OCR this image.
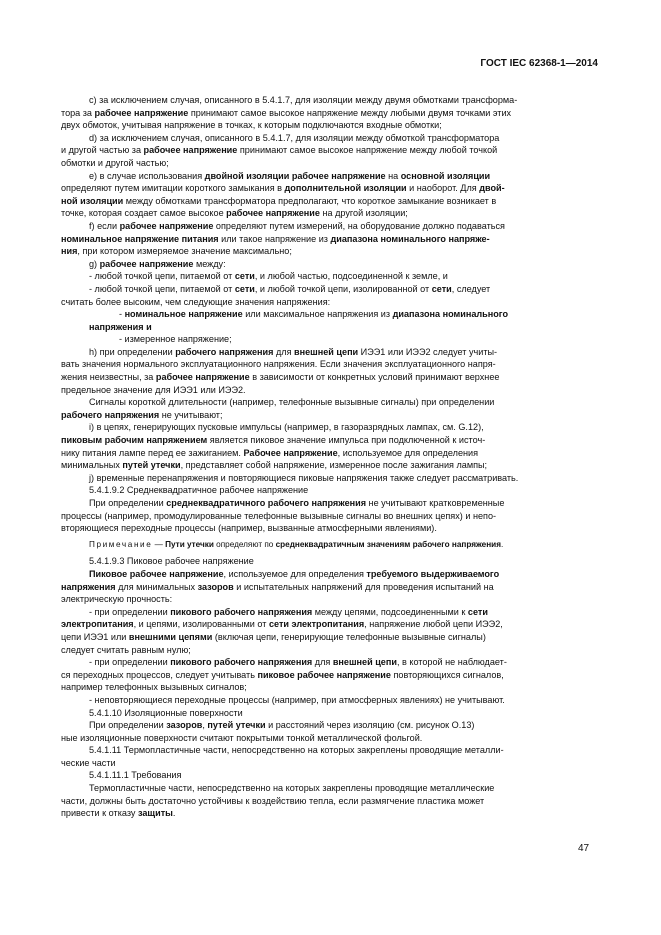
ГОСТ IEC 62368-1—2014

c) за исключением случая, описанного в 5.4.1.7, для изоляции между двумя обмотками трансформа-

тора за рабочее напряжение принимают самое высокое напряжение между любыми двумя точками этих

двух обмоток, учитывая напряжение в точках, к которым подключаются входные обмотки;

d) за исключением случая, описанного в 5.4.1.7, для изоляции между обмоткой трансформатора

и другой частью за рабочее напряжение принимают самое высокое напряжение между любой точкой

обмотки и другой частью;

e) в случае использования двойной изоляции рабочее напряжение на основной изоляции

определяют путем имитации короткого замыкания в дополнительной изоляции и наоборот. Для двой-

ной изоляции между обмотками трансформатора предполагают, что короткое замыкание возникает в

точке, которая создает самое высокое рабочее напряжение на другой изоляции;

f) если рабочее напряжение определяют путем измерений, на оборудование должно подаваться

номинальное напряжение питания или такое напряжение из диапазона номинального напряже-

ния, при котором измеряемое значение максимально;

g) рабочее напряжение между:

- любой точкой цепи, питаемой от сети, и любой частью, подсоединенной к земле, и

- любой точкой цепи, питаемой от сети, и любой точкой цепи, изолированной от сети, следует

считать более высоким, чем следующие значения напряжения:

- номинальное напряжение или максимальное напряжения из диапазона номинального

напряжения и

- измеренное напряжение;

h) при определении рабочего напряжения для внешней цепи ИЭЭ1 или ИЭЭ2 следует учиты-

вать значения нормального эксплуатационного напряжения. Если значения эксплуатационного напря-

жения неизвестны, за рабочее напряжение в зависимости от конкретных условий принимают верхнее

предельное значение для ИЭЭ1 или ИЭЭ2.

Сигналы короткой длительности (например, телефонные вызывные сигналы) при определении

рабочего напряжения не учитывают;

i) в цепях, генерирующих пусковые импульсы (например, в газоразрядных лампах, см. G.12),

пиковым рабочим напряжением является пиковое значение импульса при подключенной к источ-

нику питания лампе перед ее зажиганием. Рабочее напряжение, используемое для определения

минимальных путей утечки, представляет собой напряжение, измеренное после зажигания лампы;

j) временные перенапряжения и повторяющиеся пиковые напряжения также следует рассматривать.

5.4.1.9.2 Среднеквадратичное рабочее напряжение

При определении среднеквадратичного рабочего напряжения не учитывают кратковременные

процессы (например, промодулированные телефонные вызывные сигналы во внешних цепях) и непо-

вторяющиеся переходные процессы (например, вызванные атмосферными явлениями).

Примечание — Пути утечки определяют по среднеквадратичным значениям рабочего напряжения.

5.4.1.9.3 Пиковое рабочее напряжение

Пиковое рабочее напряжение, используемое для определения требуемого выдерживаемого

напряжения для минимальных зазоров и испытательных напряжений для проведения испытаний на

электрическую прочность:

- при определении пикового рабочего напряжения между цепями, подсоединенными к сети

электропитания, и цепями, изолированными от сети электропитания, напряжение любой цепи ИЭЭ2,

цепи ИЭЭ1 или внешними цепями (включая цепи, генерирующие телефонные вызывные сигналы)

следует считать равным нулю;

- при определении пикового рабочего напряжения для внешней цепи, в которой не наблюдает-

ся переходных процессов, следует учитывать пиковое рабочее напряжение повторяющихся сигналов,

например телефонных вызывных сигналов;

- неповторяющиеся переходные процессы (например, при атмосферных явлениях) не учитывают.

5.4.1.10 Изоляционные поверхности

При определении зазоров, путей утечки и расстояний через изоляцию (см. рисунок О.13)

ные изоляционные поверхности считают покрытыми тонкой металлической фольгой.

5.4.1.11 Термопластичные части, непосредственно на которых закреплены проводящие металли-

ческие части

5.4.1.11.1 Требования

Термопластичные части, непосредственно на которых закреплены проводящие металлические

части, должны быть достаточно устойчивы к воздействию тепла, если размягчение пластика может

привести к отказу защиты.

47
